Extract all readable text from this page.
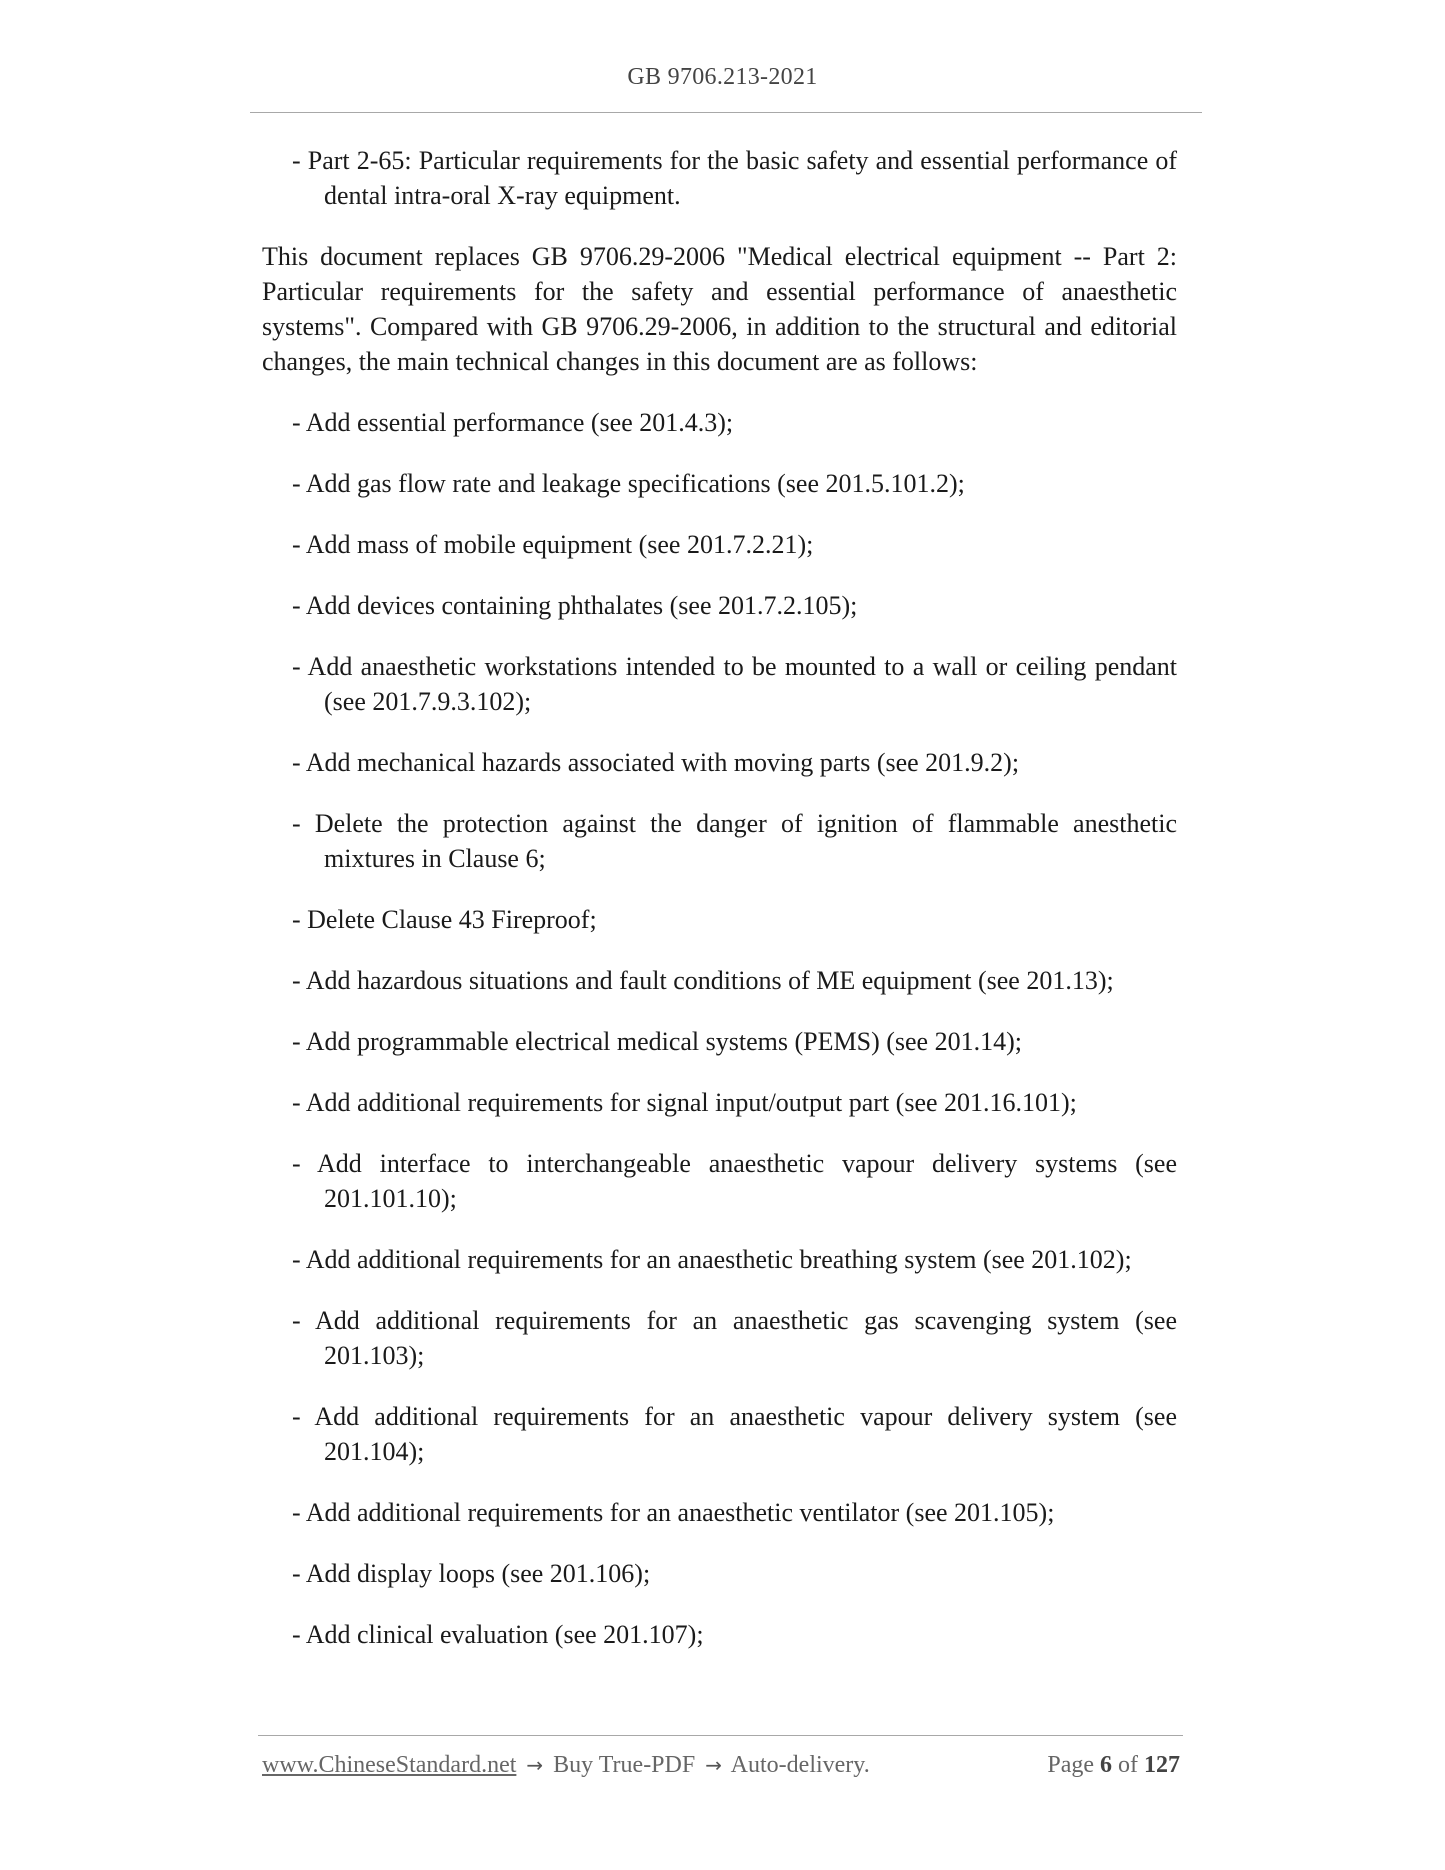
GB 9706.213-2021

- Part 2-65: Particular requirements for the basic safety and essential performance of dental intra-oral X-ray equipment.

This document replaces GB 9706.29-2006 "Medical electrical equipment -- Part 2: Particular requirements for the safety and essential performance of anaesthetic systems". Compared with GB 9706.29-2006, in addition to the structural and editorial changes, the main technical changes in this document are as follows:

- Add essential performance (see 201.4.3);

- Add gas flow rate and leakage specifications (see 201.5.101.2);

- Add mass of mobile equipment (see 201.7.2.21);

- Add devices containing phthalates (see 201.7.2.105);

- Add anaesthetic workstations intended to be mounted to a wall or ceiling pendant (see 201.7.9.3.102);

- Add mechanical hazards associated with moving parts (see 201.9.2);

- Delete the protection against the danger of ignition of flammable anesthetic mixtures in Clause 6;

- Delete Clause 43 Fireproof;

- Add hazardous situations and fault conditions of ME equipment (see 201.13);

- Add programmable electrical medical systems (PEMS) (see 201.14);

- Add additional requirements for signal input/output part (see 201.16.101);

- Add interface to interchangeable anaesthetic vapour delivery systems (see 201.101.10);

- Add additional requirements for an anaesthetic breathing system (see 201.102);

- Add additional requirements for an anaesthetic gas scavenging system (see 201.103);

- Add additional requirements for an anaesthetic vapour delivery system (see 201.104);

- Add additional requirements for an anaesthetic ventilator (see 201.105);

- Add display loops (see 201.106);

- Add clinical evaluation (see 201.107);

www.ChineseStandard.net → Buy True-PDF → Auto-delivery.	Page 6 of 127
